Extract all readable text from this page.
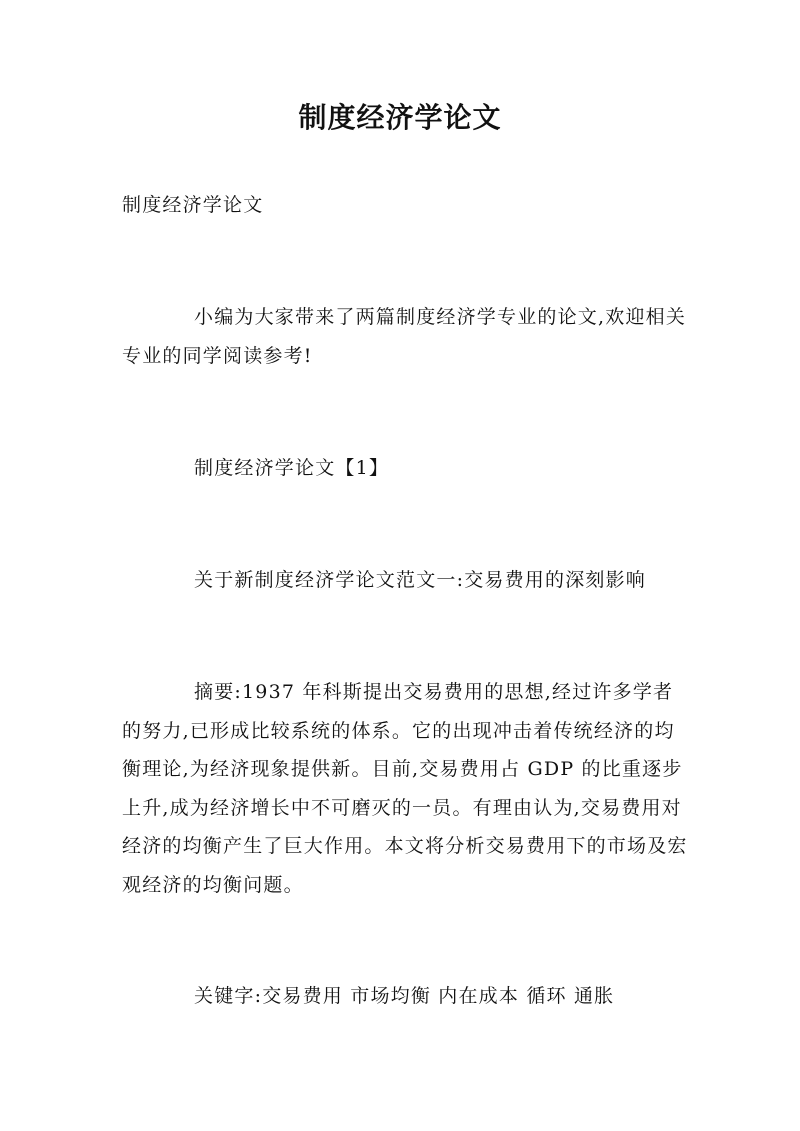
制度经济学论文

制度经济学论文

小编为大家带来了两篇制度经济学专业的论文,欢迎相关专业的同学阅读参考!

制度经济学论文【1】

关于新制度经济学论文范文一:交易费用的深刻影响

摘要:1937 年科斯提出交易费用的思想,经过许多学者的努力,已形成比较系统的体系。它的出现冲击着传统经济的均衡理论,为经济现象提供新。目前,交易费用占 GDP 的比重逐步上升,成为经济增长中不可磨灭的一员。有理由认为,交易费用对经济的均衡产生了巨大作用。本文将分析交易费用下的市场及宏观经济的均衡问题。

关键字:交易费用 市场均衡 内在成本 循环 通胀
